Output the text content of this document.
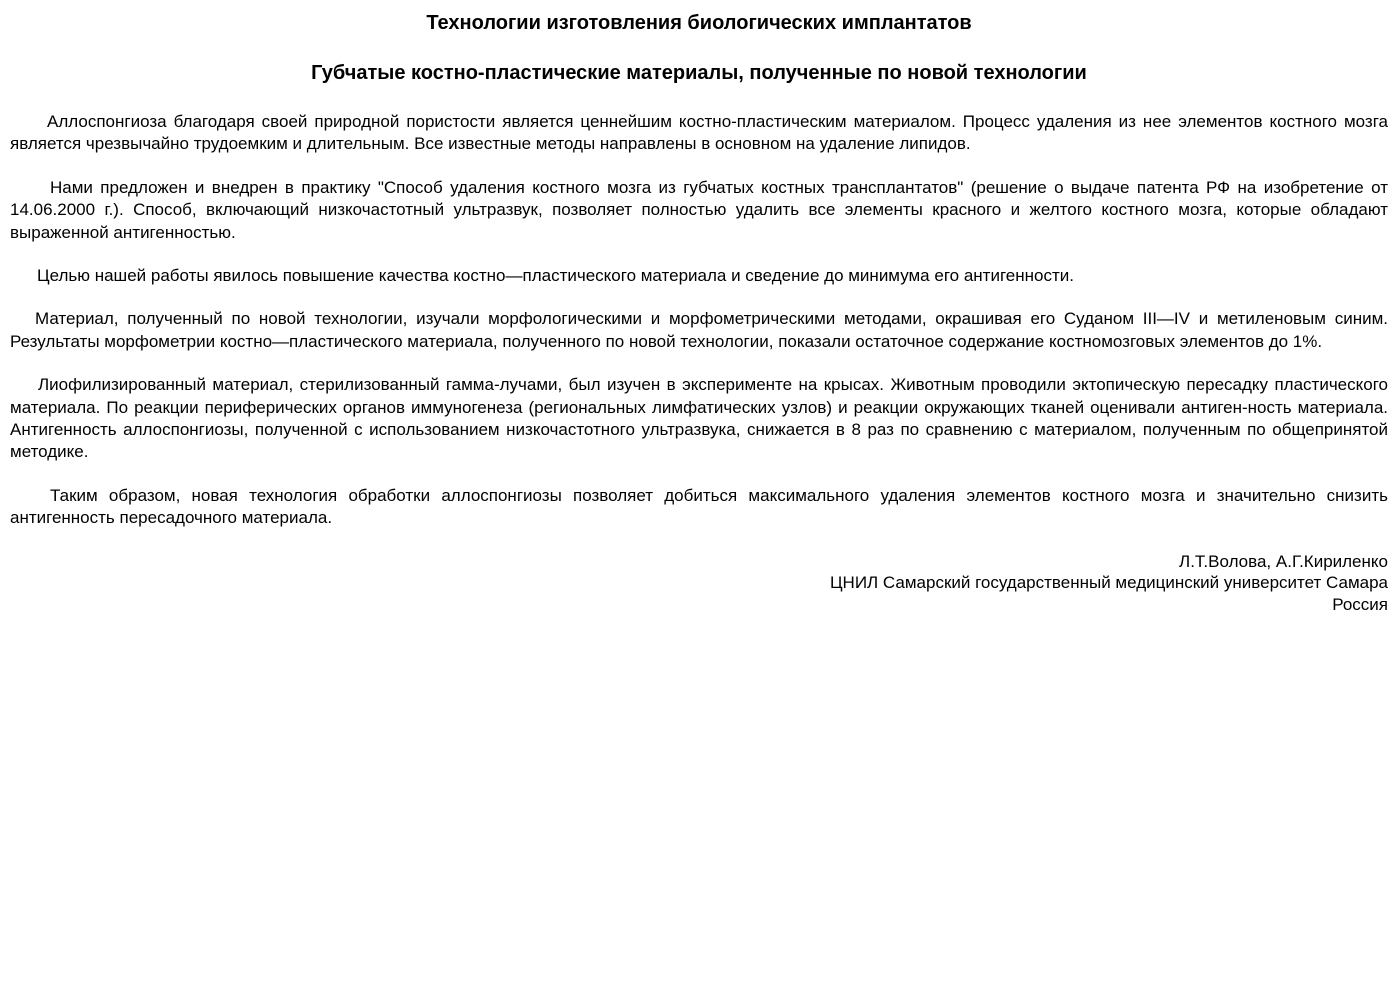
Технологии изготовления биологических имплантатов
Губчатые костно-пластические материалы, полученные по новой технологии

Аллоспонгиоза благодаря своей природной пористости является ценнейшим костно-пластическим материалом. Процесс удаления из нее элементов костного мозга является чрезвычайно трудоемким и длительным. Все известные методы направлены в основном на удаление липидов.

Нами предложен и внедрен в практику "Способ удаления костного мозга из губчатых костных трансплантатов" (решение о выдаче патента РФ на изобретение от 14.06.2000 г.). Способ, включающий низкочастотный ультразвук, позволяет полностью удалить все элементы красного и желтого костного мозга, которые обладают выраженной антигенностью.

Целью нашей работы явилось повышение качества костно—пластического материала и сведение до минимума его антигенности.

Материал, полученный по новой технологии, изучали морфологическими и морфометрическими методами, окрашивая его Суданом III—IV и метиленовым синим. Результаты морфометрии костно—пластического материала, полученного по новой технологии, показали остаточное содержание костномозговых элементов до 1%.

Лиофилизированный материал, стерилизованный гамма-лучами, был изучен в эксперименте на крысах. Животным проводили эктопическую пересадку пластического материала. По реакции периферических органов иммуногенеза (региональных лимфатических узлов) и реакции окружающих тканей оценивали антиген-ность материала. Антигенность аллоспонгиозы, полученной с использованием низкочастотного ультразвука, снижается в 8 раз по сравнению с материалом, полученным по общепринятой методике.

Таким образом, новая технология обработки аллоспонгиозы позволяет добиться максимального удаления элементов костного мозга и значительно снизить антигенность пересадочного материала.

Л.Т.Волова, А.Г.Кириленко
ЦНИЛ Самарский государственный медицинский университет Самара
Россия
